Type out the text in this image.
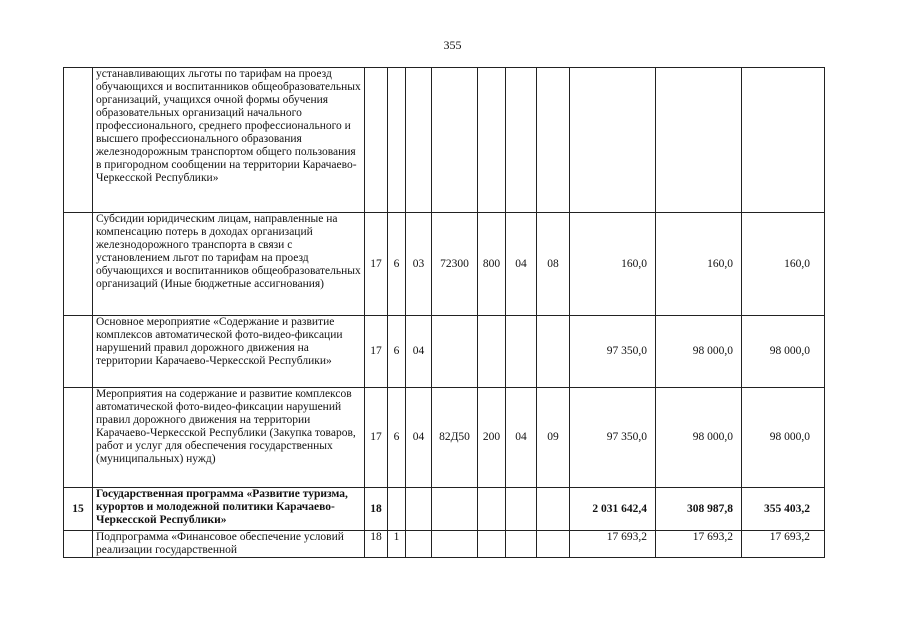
355
	устанавливающих льготы по тарифам на проезд обучающихся и воспитанников общеобразовательных организаций, учащихся очной формы обучения образовательных организаций начального профессионального, среднего профессионального и высшего профессионального образования железнодорожным транспортом общего пользования в пригородном сообщении на территории Карачаево-Черкесской Республики»										
	Субсидии юридическим лицам, направленные на компенсацию потерь в доходах организаций железнодорожного транспорта в связи с установлением льгот по тарифам на проезд обучающихся и воспитанников общеобразовательных организаций (Иные бюджетные ассигнования)	17	6	03	72300	800	04	08	160,0	160,0	160,0
	Основное мероприятие «Содержание и развитие комплексов автоматической фото-видео-фиксации нарушений правил дорожного движения на территории Карачаево-Черкесской Республики»	17	6	04					97 350,0	98 000,0	98 000,0
	Мероприятия на содержание и развитие комплексов автоматической фото-видео-фиксации нарушений правил дорожного движения на территории Карачаево-Черкесской Республики (Закупка товаров, работ и услуг для обеспечения государственных (муниципальных) нужд)	17	6	04	82Д50	200	04	09	97 350,0	98 000,0	98 000,0
15	Государственная программа «Развитие туризма, курортов и молодежной политики Карачаево-Черкесской Республики»	18							2 031 642,4	308 987,8	355 403,2
	Подпрограмма «Финансовое обеспечение условий реализации государственной	18	1						17 693,2	17 693,2	17 693,2
